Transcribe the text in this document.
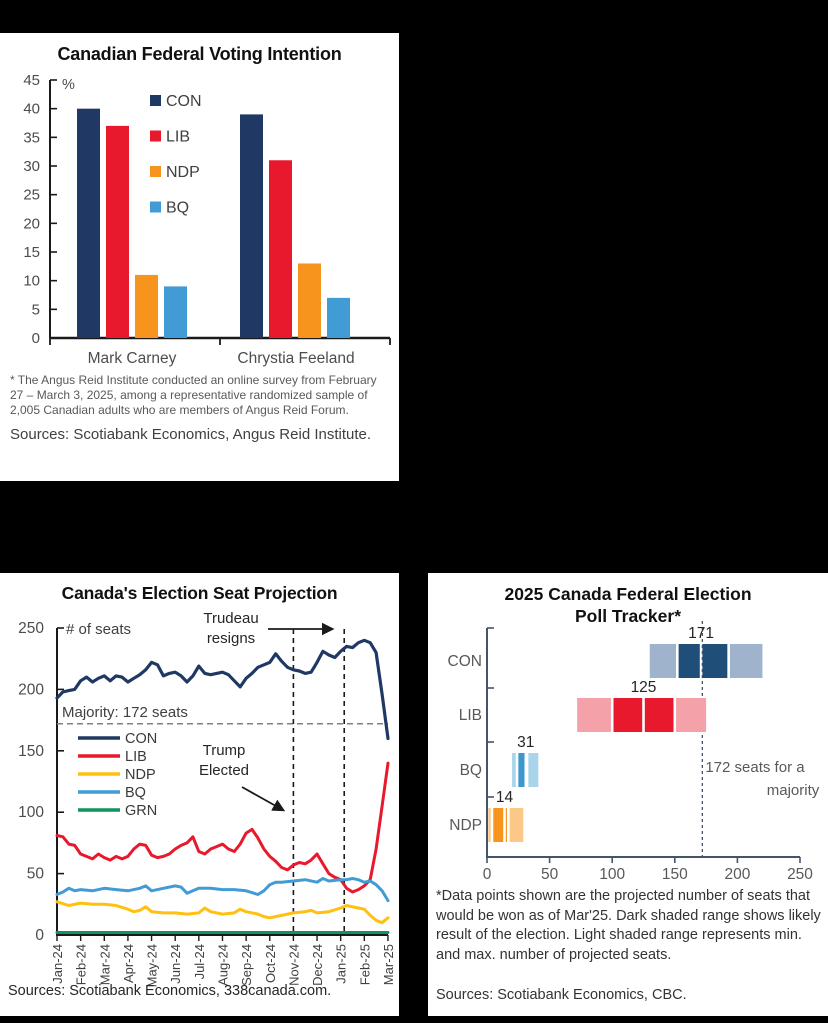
Canadian Federal Voting Intention
0
5
10
15
20
25
30
35
40
45 %
Mark Carney	Chrystia Feeland
CON
LIB
NDP
BQ
* The Angus Reid Institute conducted an online survey from February 27 – March 3, 2025, among a representative randomized sample of 2,005 Canadian adults who are members of Angus Reid Forum.
Sources: Scotiabank Economics, Angus Reid Institute.
Canada's Election Seat Projection
0
50
100
150
200
250 # of seats
Jan-24 Feb-24 Mar-24 Apr-24 May-24 Jun-24 Jul-24 Aug-24 Sep-24 Oct-24 Nov-24 Dec-24 Jan-25 Feb-25 Mar-25
Majority: 172 seats
Trudeau
resigns
Trump
Elected
CON
LIB
NDP
BQ
GRN
Sources: Scotiabank Economics, 338canada.com.
2025 Canada Federal Election
Poll Tracker*
0	50	100 150 200 250
172 seats for a
majority
CON
171
LIB
125
BQ
31
NDP
14
*Data points shown are the projected number of seats that would be won as of Mar'25. Dark shaded range shows likely result of the election. Light shaded range represents min. and max. number of projected seats.
Sources: Scotiabank Economics, CBC.
